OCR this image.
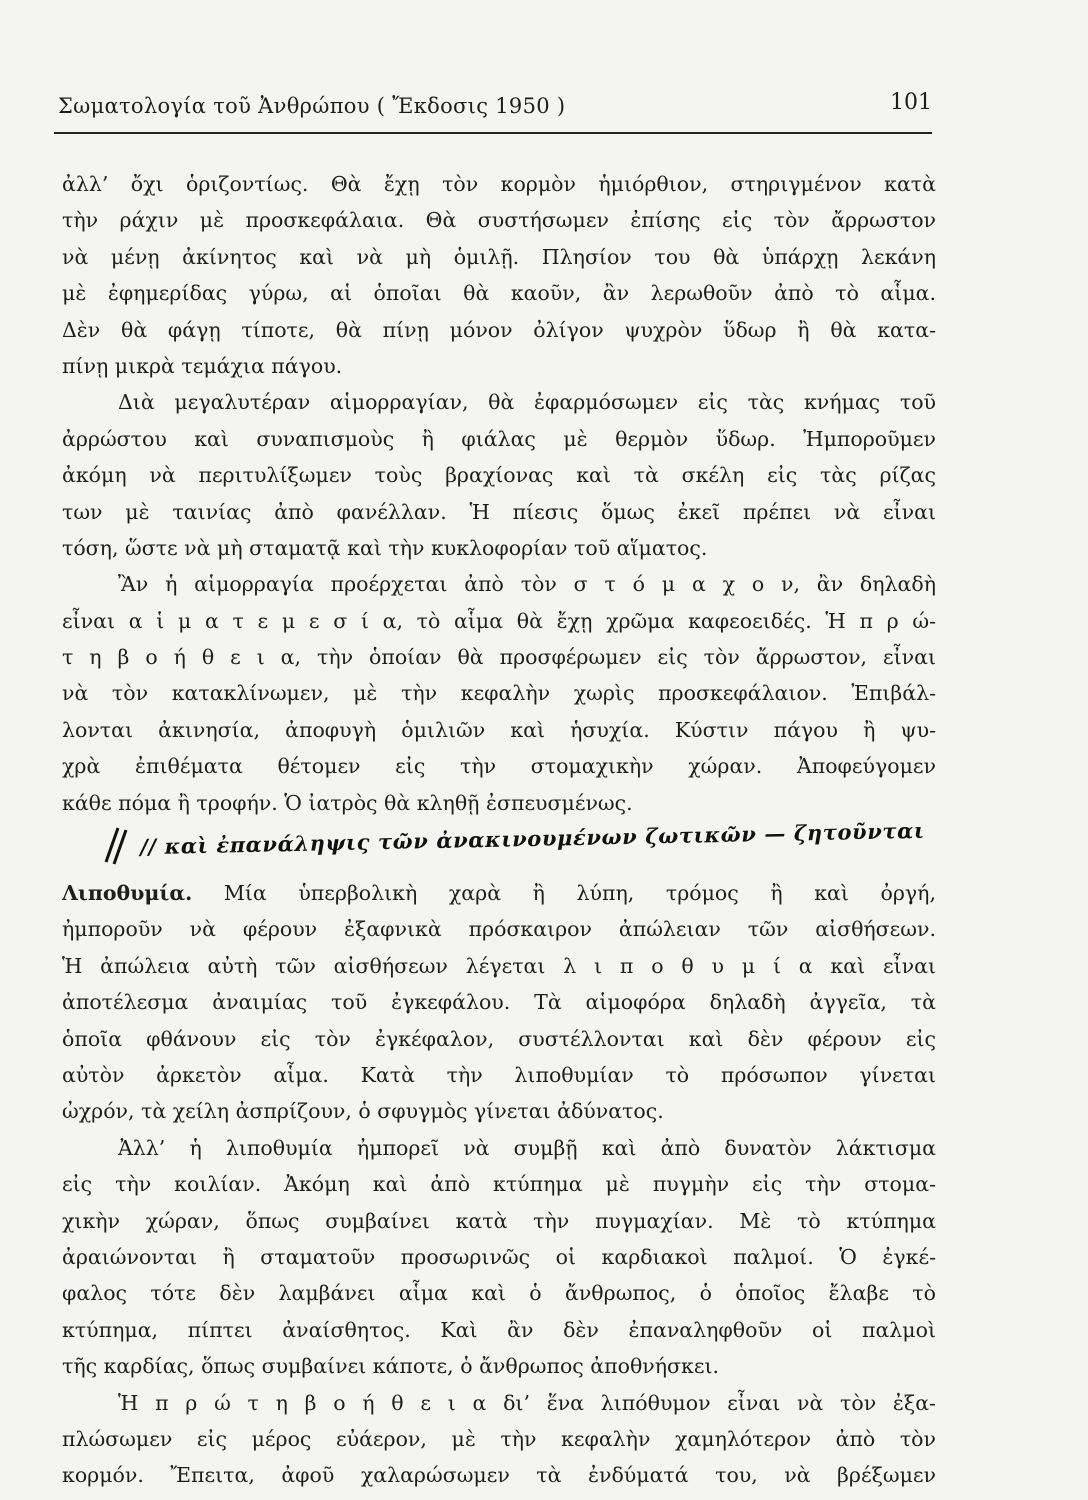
Σωματολογία τοῦ Ἀνθρώπου ( Ἔκδοσις 1950 )	101
ἀλλ’ ὄχι ὁριζοντίως. Θὰ ἔχῃ τὸν κορμὸν ἡμιόρθιον, στηριγμένον κατὰ
τὴν ράχιν μὲ προσκεφάλαια. Θὰ συστήσωμεν ἐπίσης εἰς τὸν ἄρρωστον
νὰ μένῃ ἀκίνητος καὶ νὰ μὴ ὁμιλῇ. Πλησίον του θὰ ὑπάρχῃ λεκάνη
μὲ ἐφημερίδας γύρω, αἱ ὁποῖαι θὰ καοῦν, ἂν λερωθοῦν ἀπὸ τὸ αἷμα.
Δὲν θὰ φάγῃ τίποτε, θὰ πίνῃ μόνον ὀλίγον ψυχρὸν ὕδωρ ἢ θὰ κατα-
πίνῃ μικρὰ τεμάχια πάγου.
Διὰ μεγαλυτέραν αἱμορραγίαν, θὰ ἐφαρμόσωμεν εἰς τὰς κνήμας τοῦ
ἀρρώστου καὶ συναπισμοὺς ἢ φιάλας μὲ θερμὸν ὕδωρ. Ἠμποροῦμεν
ἀκόμη νὰ περιτυλίξωμεν τοὺς βραχίονας καὶ τὰ σκέλη εἰς τὰς ρίζας
των μὲ ταινίας ἀπὸ φανέλλαν. Ἡ πίεσις ὅμως ἐκεῖ πρέπει νὰ εἶναι
τόση, ὥστε νὰ μὴ σταματᾷ καὶ τὴν κυκλοφορίαν τοῦ αἵματος.
Ἂν ἡ αἱμορραγία προέρχεται ἀπὸ τὸν σ τ ό μ α χ ο ν, ἂν δηλαδὴ
εἶναι α ἱ μ α τ ε μ ε σ ί α, τὸ αἷμα θὰ ἔχῃ χρῶμα καφεοειδές. Ἡ π ρ ώ-
τ η β ο ή θ ε ι α, τὴν ὁποίαν θὰ προσφέρωμεν εἰς τὸν ἄρρωστον, εἶναι
νὰ τὸν κατακλίνωμεν, μὲ τὴν κεφαλὴν χωρὶς προσκεφάλαιον. Ἐπιβάλ-
λονται ἀκινησία, ἀποφυγὴ ὁμιλιῶν καὶ ἡσυχία. Κύστιν πάγου ἢ ψυ-
χρὰ ἐπιθέματα θέτομεν εἰς τὴν στομαχικὴν χώραν. Ἀποφεύγομεν
κάθε πόμα ἢ τροφήν. Ὁ ἰατρὸς θὰ κληθῇ ἐσπευσμένως.
Λιποθυμία. Μία ὑπερβολικὴ χαρὰ ἢ λύπη, τρόμος ἢ καὶ ὀργή,
ἠμποροῦν νὰ φέρουν ἐξαφνικὰ πρόσκαιρον ἀπώλειαν τῶν αἰσθήσεων.
Ἡ ἀπώλεια αὐτὴ τῶν αἰσθήσεων λέγεται λ ι π ο θ υ μ ί α καὶ εἶναι
ἀποτέλεσμα ἀναιμίας τοῦ ἐγκεφάλου. Τὰ αἱμοφόρα δηλαδὴ ἀγγεῖα, τὰ
ὁποῖα φθάνουν εἰς τὸν ἐγκέφαλον, συστέλλονται καὶ δὲν φέρουν εἰς
αὐτὸν ἀρκετὸν αἷμα. Κατὰ τὴν λιποθυμίαν τὸ πρόσωπον γίνεται
ὠχρόν, τὰ χείλη ἀσπρίζουν, ὁ σφυγμὸς γίνεται ἀδύνατος.
Ἀλλ’ ἡ λιποθυμία ἠμπορεῖ νὰ συμβῇ καὶ ἀπὸ δυνατὸν λάκτισμα
εἰς τὴν κοιλίαν. Ἀκόμη καὶ ἀπὸ κτύπημα μὲ πυγμὴν εἰς τὴν στομα-
χικὴν χώραν, ὅπως συμβαίνει κατὰ τὴν πυγμαχίαν. Μὲ τὸ κτύπημα
ἀραιώνονται ἢ σταματοῦν προσωρινῶς οἱ καρδιακοὶ παλμοί. Ὁ ἐγκέ-
φαλος τότε δὲν λαμβάνει αἷμα καὶ ὁ ἄνθρωπος, ὁ ὁποῖος ἔλαβε τὸ
κτύπημα, πίπτει ἀναίσθητος. Καὶ ἂν δὲν ἐπαναληφθοῦν οἱ παλμοὶ
τῆς καρδίας, ὅπως συμβαίνει κάποτε, ὁ ἄνθρωπος ἀποθνήσκει.
Ἡ π ρ ώ τ η β ο ή θ ε ι α δι’ ἕνα λιπόθυμον εἶναι νὰ τὸν ἐξα-
πλώσωμεν εἰς μέρος εὐάερον, μὲ τὴν κεφαλὴν χαμηλότερον ἀπὸ τὸν
κορμόν. Ἔπειτα, ἀφοῦ χαλαρώσωμεν τὰ ἐνδύματά του, νὰ βρέξωμεν
// καὶ ἐπανάληψις τῶν ἀνακινουμένων ζωτικῶν — ζητοῦνται
